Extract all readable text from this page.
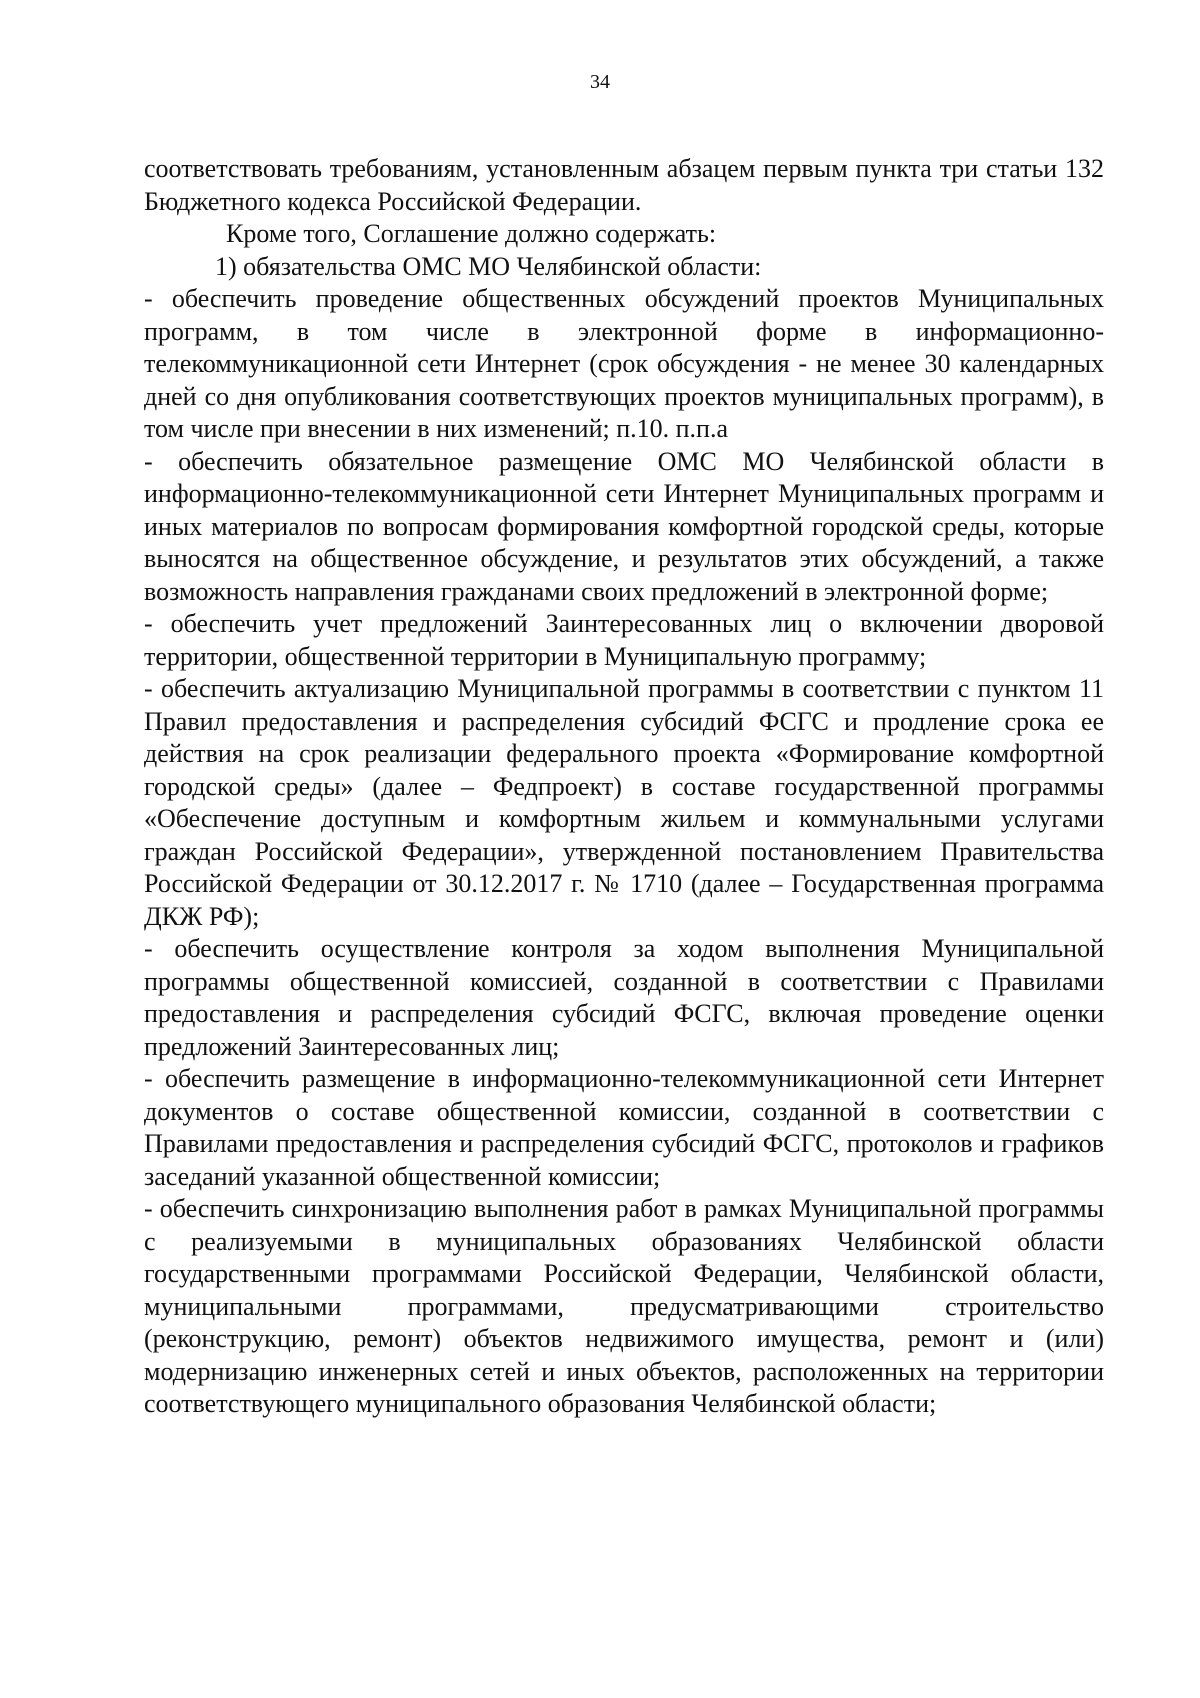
34

соответствовать требованиям, установленным абзацем первым пункта три статьи 132 Бюджетного кодекса Российской Федерации.

Кроме того, Соглашение должно содержать:

1) обязательства ОМС МО Челябинской области:

- обеспечить проведение общественных обсуждений проектов Муниципальных программ, в том числе в электронной форме в информационно-телекоммуникационной сети Интернет (срок обсуждения - не менее 30 календарных дней со дня опубликования соответствующих проектов муниципальных программ), в том числе при внесении в них изменений; п.10. п.п.а

- обеспечить обязательное размещение ОМС МО Челябинской области в информационно-телекоммуникационной сети Интернет Муниципальных программ и иных материалов по вопросам формирования комфортной городской среды, которые выносятся на общественное обсуждение, и результатов этих обсуждений, а также возможность направления гражданами своих предложений в электронной форме;

- обеспечить учет предложений Заинтересованных лиц о включении дворовой территории, общественной территории в Муниципальную программу;

- обеспечить актуализацию Муниципальной программы в соответствии с пунктом 11 Правил предоставления и распределения субсидий ФСГС и продление срока ее действия на срок реализации федерального проекта «Формирование комфортной городской среды» (далее – Федпроект) в составе государственной программы «Обеспечение доступным и комфортным жильем и коммунальными услугами граждан Российской Федерации», утвержденной постановлением Правительства Российской Федерации от 30.12.2017 г. № 1710 (далее – Государственная программа ДКЖ РФ);

- обеспечить осуществление контроля за ходом выполнения Муниципальной программы общественной комиссией, созданной в соответствии с Правилами предоставления и распределения субсидий ФСГС, включая проведение оценки предложений Заинтересованных лиц;

- обеспечить размещение в информационно-телекоммуникационной сети Интернет документов о составе общественной комиссии, созданной в соответствии с Правилами предоставления и распределения субсидий ФСГС, протоколов и графиков заседаний указанной общественной комиссии;

- обеспечить синхронизацию выполнения работ в рамках Муниципальной программы с реализуемыми в муниципальных образованиях Челябинской области государственными программами Российской Федерации, Челябинской области, муниципальными программами, предусматривающими строительство (реконструкцию, ремонт) объектов недвижимого имущества, ремонт и (или) модернизацию инженерных сетей и иных объектов, расположенных на территории соответствующего муниципального образования Челябинской области;
